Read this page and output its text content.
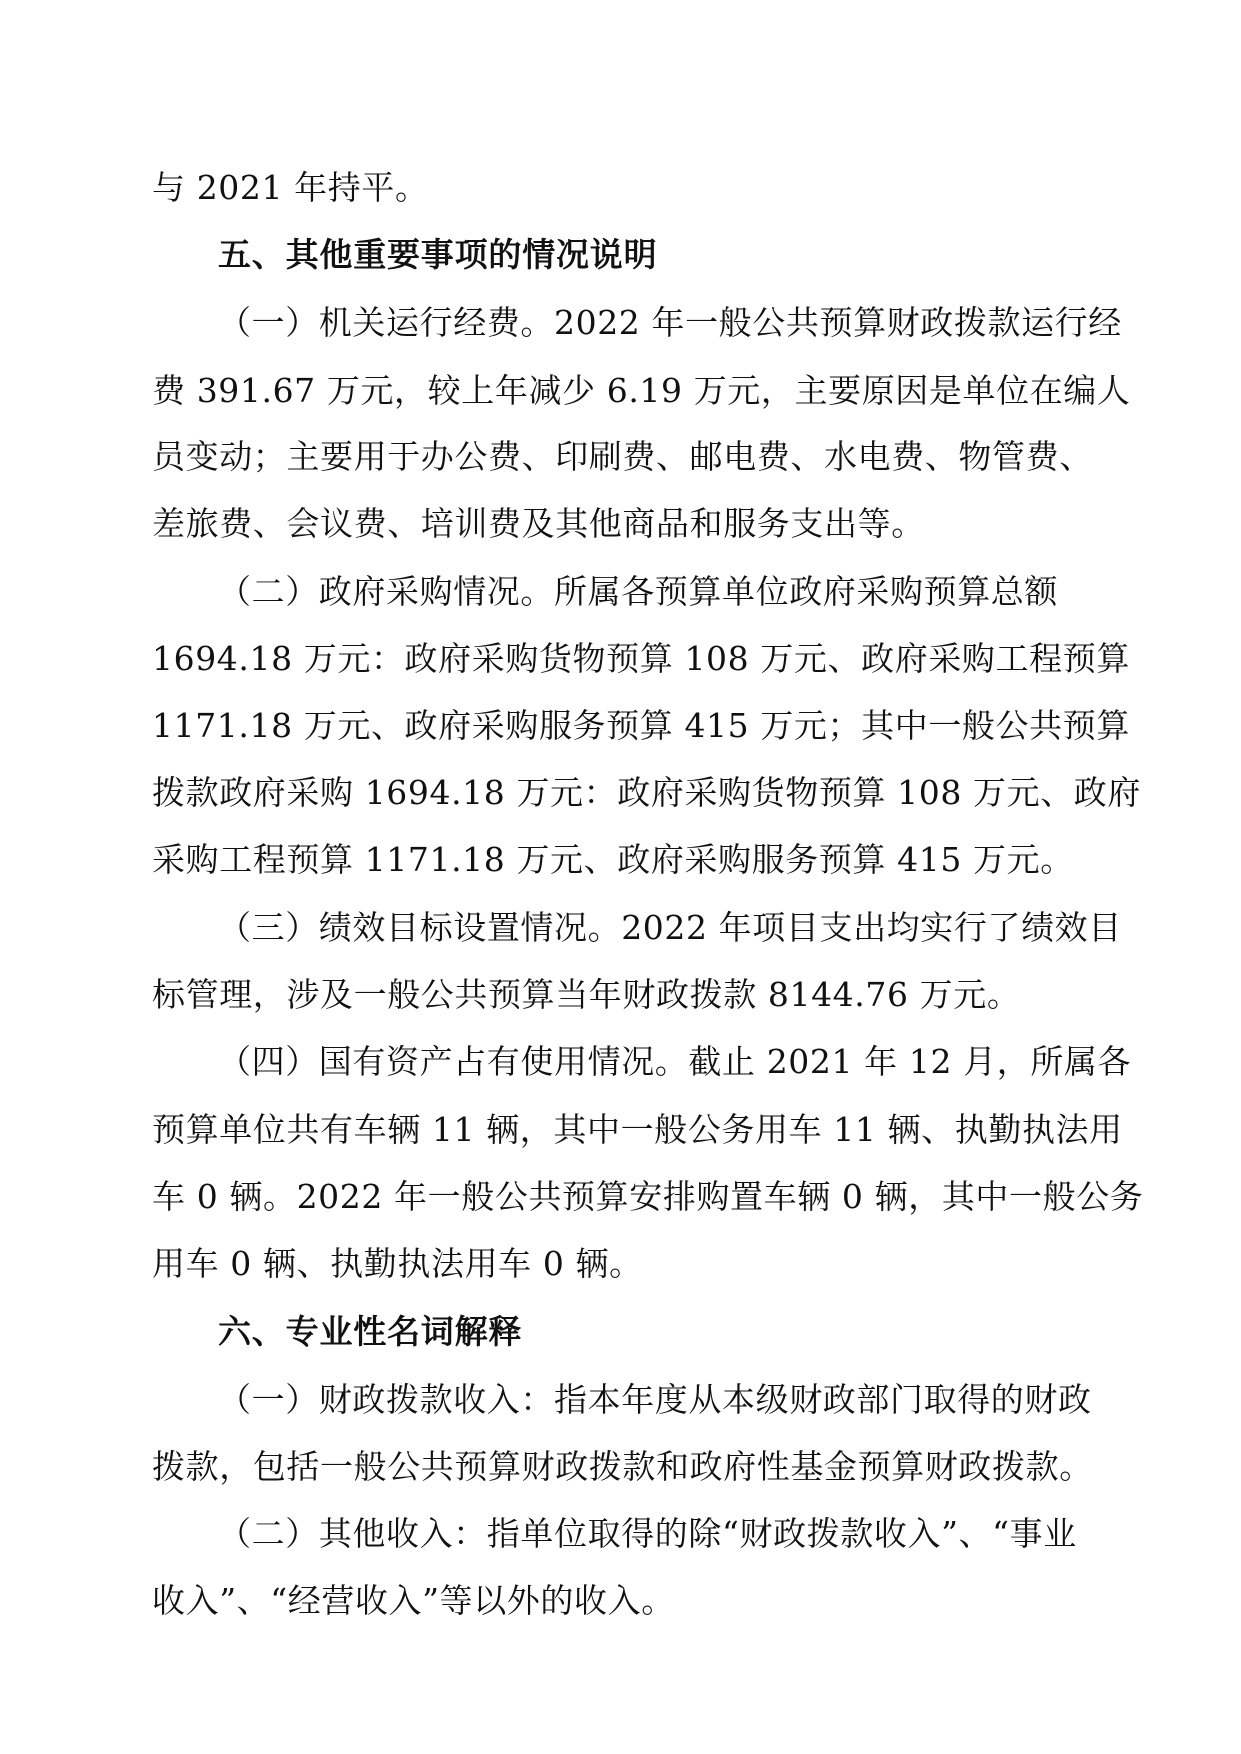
与 2021 年持平。
五、其他重要事项的情况说明
（一）机关运行经费。2022 年一般公共预算财政拨款运行经
费 391.67 万元，较上年减少 6.19 万元，主要原因是单位在编人
员变动；主要用于办公费、印刷费、邮电费、水电费、物管费、
差旅费、会议费、培训费及其他商品和服务支出等。
（二）政府采购情况。所属各预算单位政府采购预算总额
1694.18 万元：政府采购货物预算 108 万元、政府采购工程预算
1171.18 万元、政府采购服务预算 415 万元；其中一般公共预算
拨款政府采购 1694.18 万元：政府采购货物预算 108 万元、政府
采购工程预算 1171.18 万元、政府采购服务预算 415 万元。
（三）绩效目标设置情况。2022 年项目支出均实行了绩效目
标管理，涉及一般公共预算当年财政拨款 8144.76 万元。
（四）国有资产占有使用情况。截止 2021 年 12 月，所属各
预算单位共有车辆 11 辆，其中一般公务用车 11 辆、执勤执法用
车 0 辆。2022 年一般公共预算安排购置车辆 0 辆，其中一般公务
用车 0 辆、执勤执法用车 0 辆。
六、专业性名词解释
（一）财政拨款收入：指本年度从本级财政部门取得的财政
拨款，包括一般公共预算财政拨款和政府性基金预算财政拨款。
（二）其他收入：指单位取得的除“财政拨款收入”、“事业
收入”、“经营收入”等以外的收入。
